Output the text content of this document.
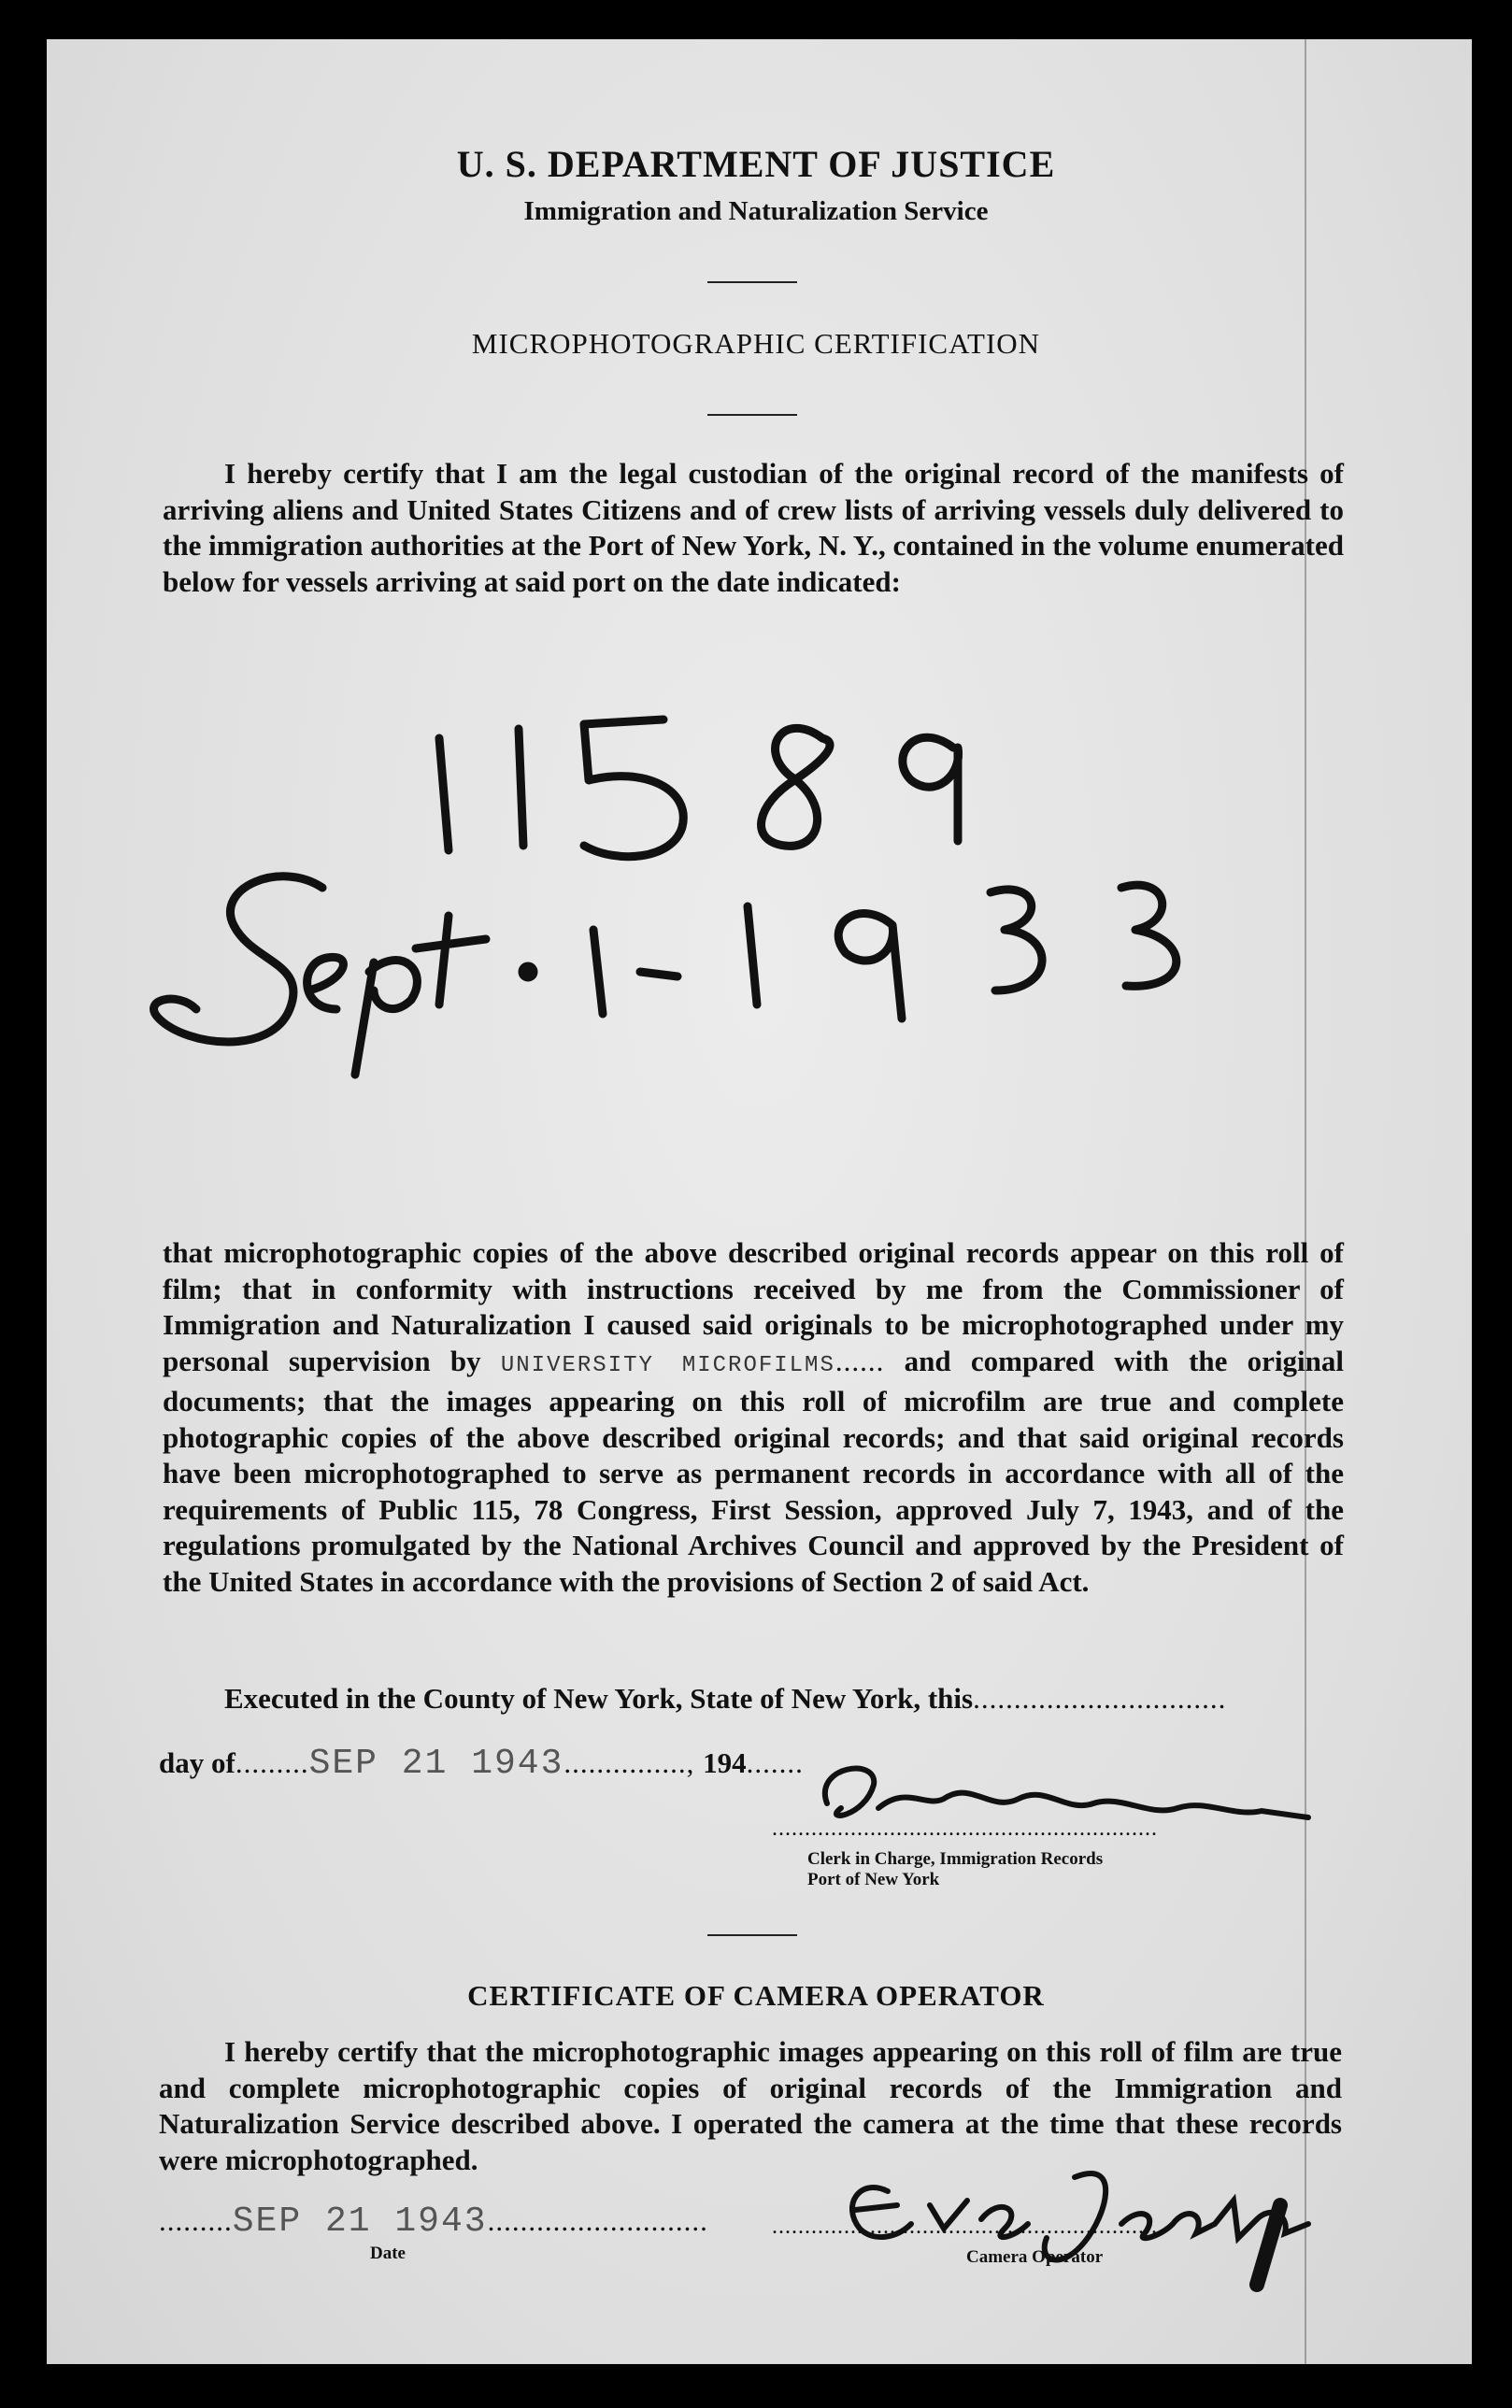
U. S. DEPARTMENT OF JUSTICE
Immigration and Naturalization Service
MICROPHOTOGRAPHIC CERTIFICATION
I hereby certify that I am the legal custodian of the original record of the manifests of arriving aliens and United States Citizens and of crew lists of arriving vessels duly delivered to the immigration authorities at the Port of New York, N. Y., contained in the volume enumerated below for vessels arriving at said port on the date indicated:
that microphotographic copies of the above described original records appear on this roll of film; that in conformity with instructions received by me from the Commissioner of Immigration and Naturalization I caused said originals to be microphotographed under my personal supervision by UNIVERSITY MICROFILMS...... and compared with the original documents; that the images appearing on this roll of microfilm are true and complete photographic copies of the above described original records; and that said original records have been microphotographed to serve as permanent records in accordance with all of the requirements of Public 115, 78 Congress, First Session, approved July 7, 1943, and of the regulations promulgated by the National Archives Council and approved by the President of the United States in accordance with the provisions of Section 2 of said Act.
Executed in the County of New York, State of New York, this...............................
day of.........SEP 21 1943..............., 194.......
...........................................................
Clerk in Charge, Immigration Records
Port of New York
CERTIFICATE OF CAMERA OPERATOR
I hereby certify that the microphotographic images appearing on this roll of film are true and complete microphotographic copies of original records of the Immigration and Naturalization Service described above. I operated the camera at the time that these records were microphotographed.
.........SEP 21 1943...........................
Date
...........................................................
Camera Operator
